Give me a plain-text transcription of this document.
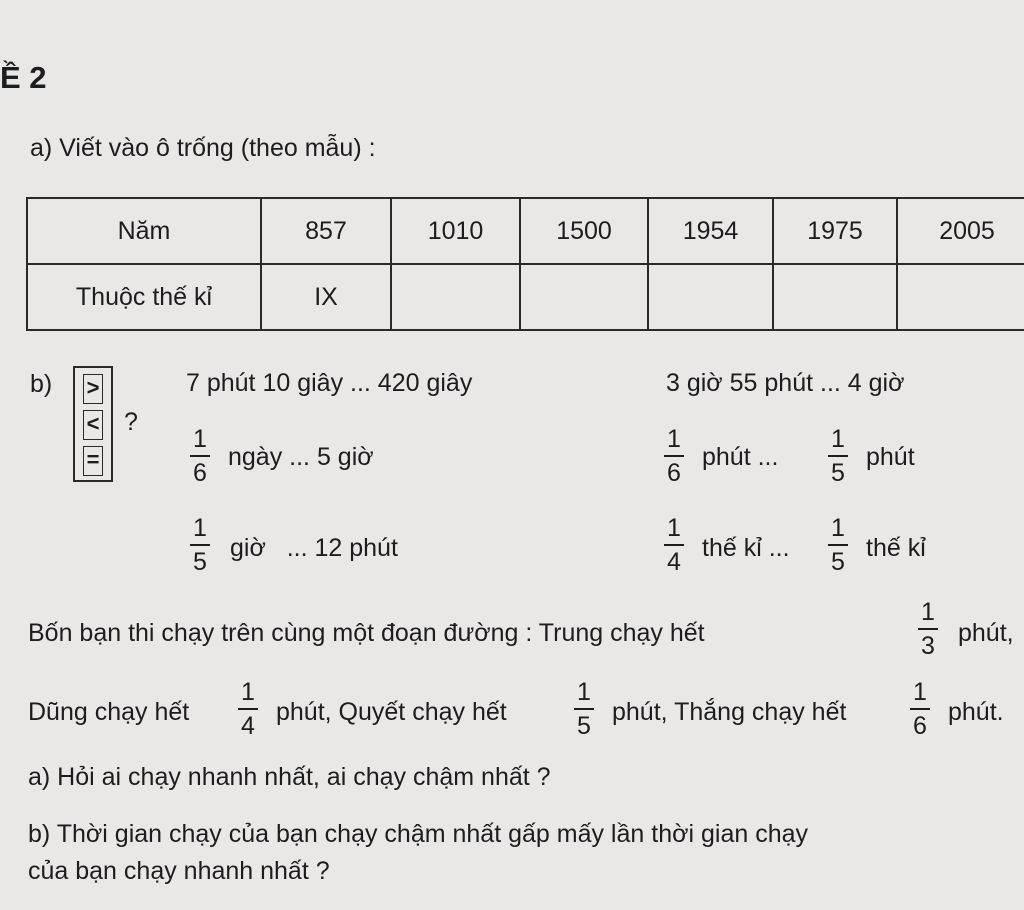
Ề 2
a) Viết vào ô trống (theo mẫu) :
Năm	857	1010	1500	1954	1975	2005
Thuộc thế kỉ	IX					
b) >
<
=
?
7 phút 10 giây ... 420 giây	3 giờ 55 phút ... 4 giờ
1
6
ngày ... 5 giờ
1
6
phút ...
1
5
phút
1
5 giờ   ... 12 phút
1
4 thế kỉ ...
1
5 thế kỉ
Bốn bạn thi chạy trên cùng một đoạn đường : Trung chạy hết
1
3 phút,
Dũng chạy hết
1
4 phút, Quyết chạy hết
1
5 phút, Thắng chạy hết
1
6 phút.
a) Hỏi ai chạy nhanh nhất, ai chạy chậm nhất ?
b) Thời gian chạy của bạn chạy chậm nhất gấp mấy lần thời gian chạy
của bạn chạy nhanh nhất ?
